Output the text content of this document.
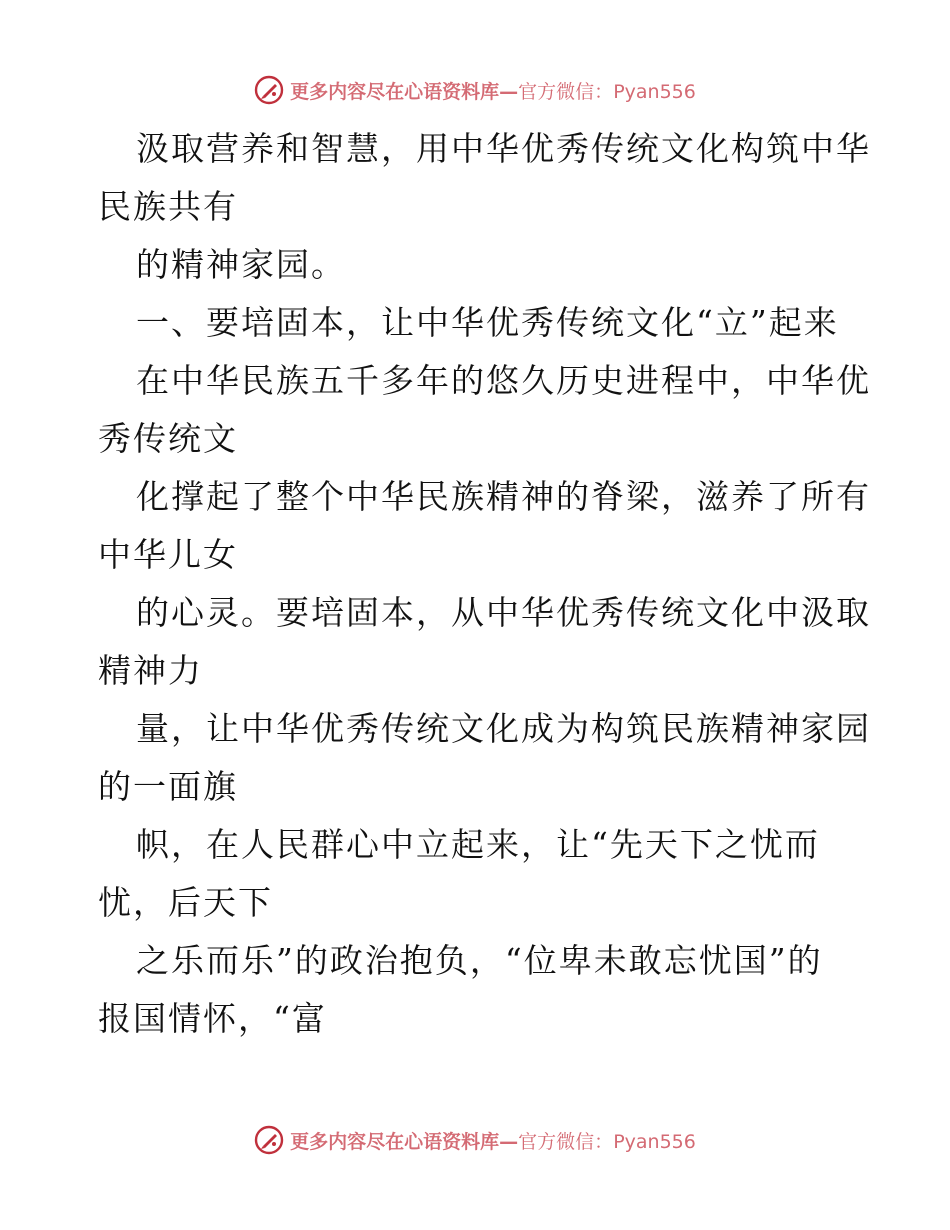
更多内容尽在心语资料库—官方微信：Pyan556
汲取营养和智慧，用中华优秀传统文化构筑中华
民族共有
的精神家园。
一、要培固本，让中华优秀传统文化“立”起来
在中华民族五千多年的悠久历史进程中，中华优
秀传统文
化撑起了整个中华民族精神的脊梁，滋养了所有
中华儿女
的心灵。要培固本，从中华优秀传统文化中汲取
精神力
量，让中华优秀传统文化成为构筑民族精神家园
的一面旗
帜，在人民群心中立起来，让“先天下之忧而
忧，后天下
之乐而乐”的政治抱负，“位卑未敢忘忧国”的
报国情怀，“富
更多内容尽在心语资料库—官方微信：Pyan556
